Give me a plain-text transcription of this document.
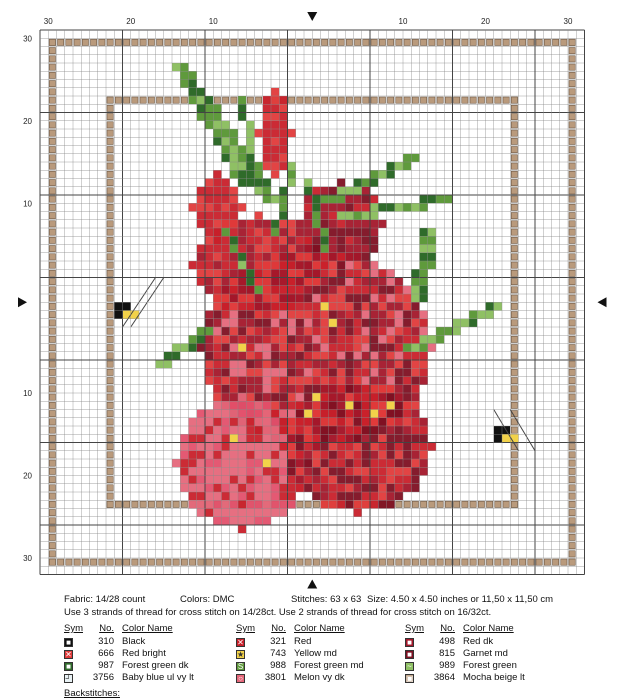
30	20	10	10	20	30
30
20
10
10
20
30
Fabric: 14/28 count	Colors: DMC	Stitches: 63 x 63 Size: 4.50 x 4.50 inches or 11,50 x 11,50 cm
Use 3 strands of thread for cross stitch on 14/28ct. Use 2 strands of thread for cross stitch on 16/32ct.
Sym No. Color Name
■	310 Black
✕	666 Red bright
■	987 Forest green dk
┘ 3756 Baby blue ul vy lt
Sym No. Color Name
✕	321 Red
★	743 Yellow md
S	988 Forest green md
○ 3801 Melon vy dk
Sym No. Color Name
■	498 Red dk
■	815 Garnet md
~	989 Forest green
▣ 3864 Mocha beige lt
Backstitches:
